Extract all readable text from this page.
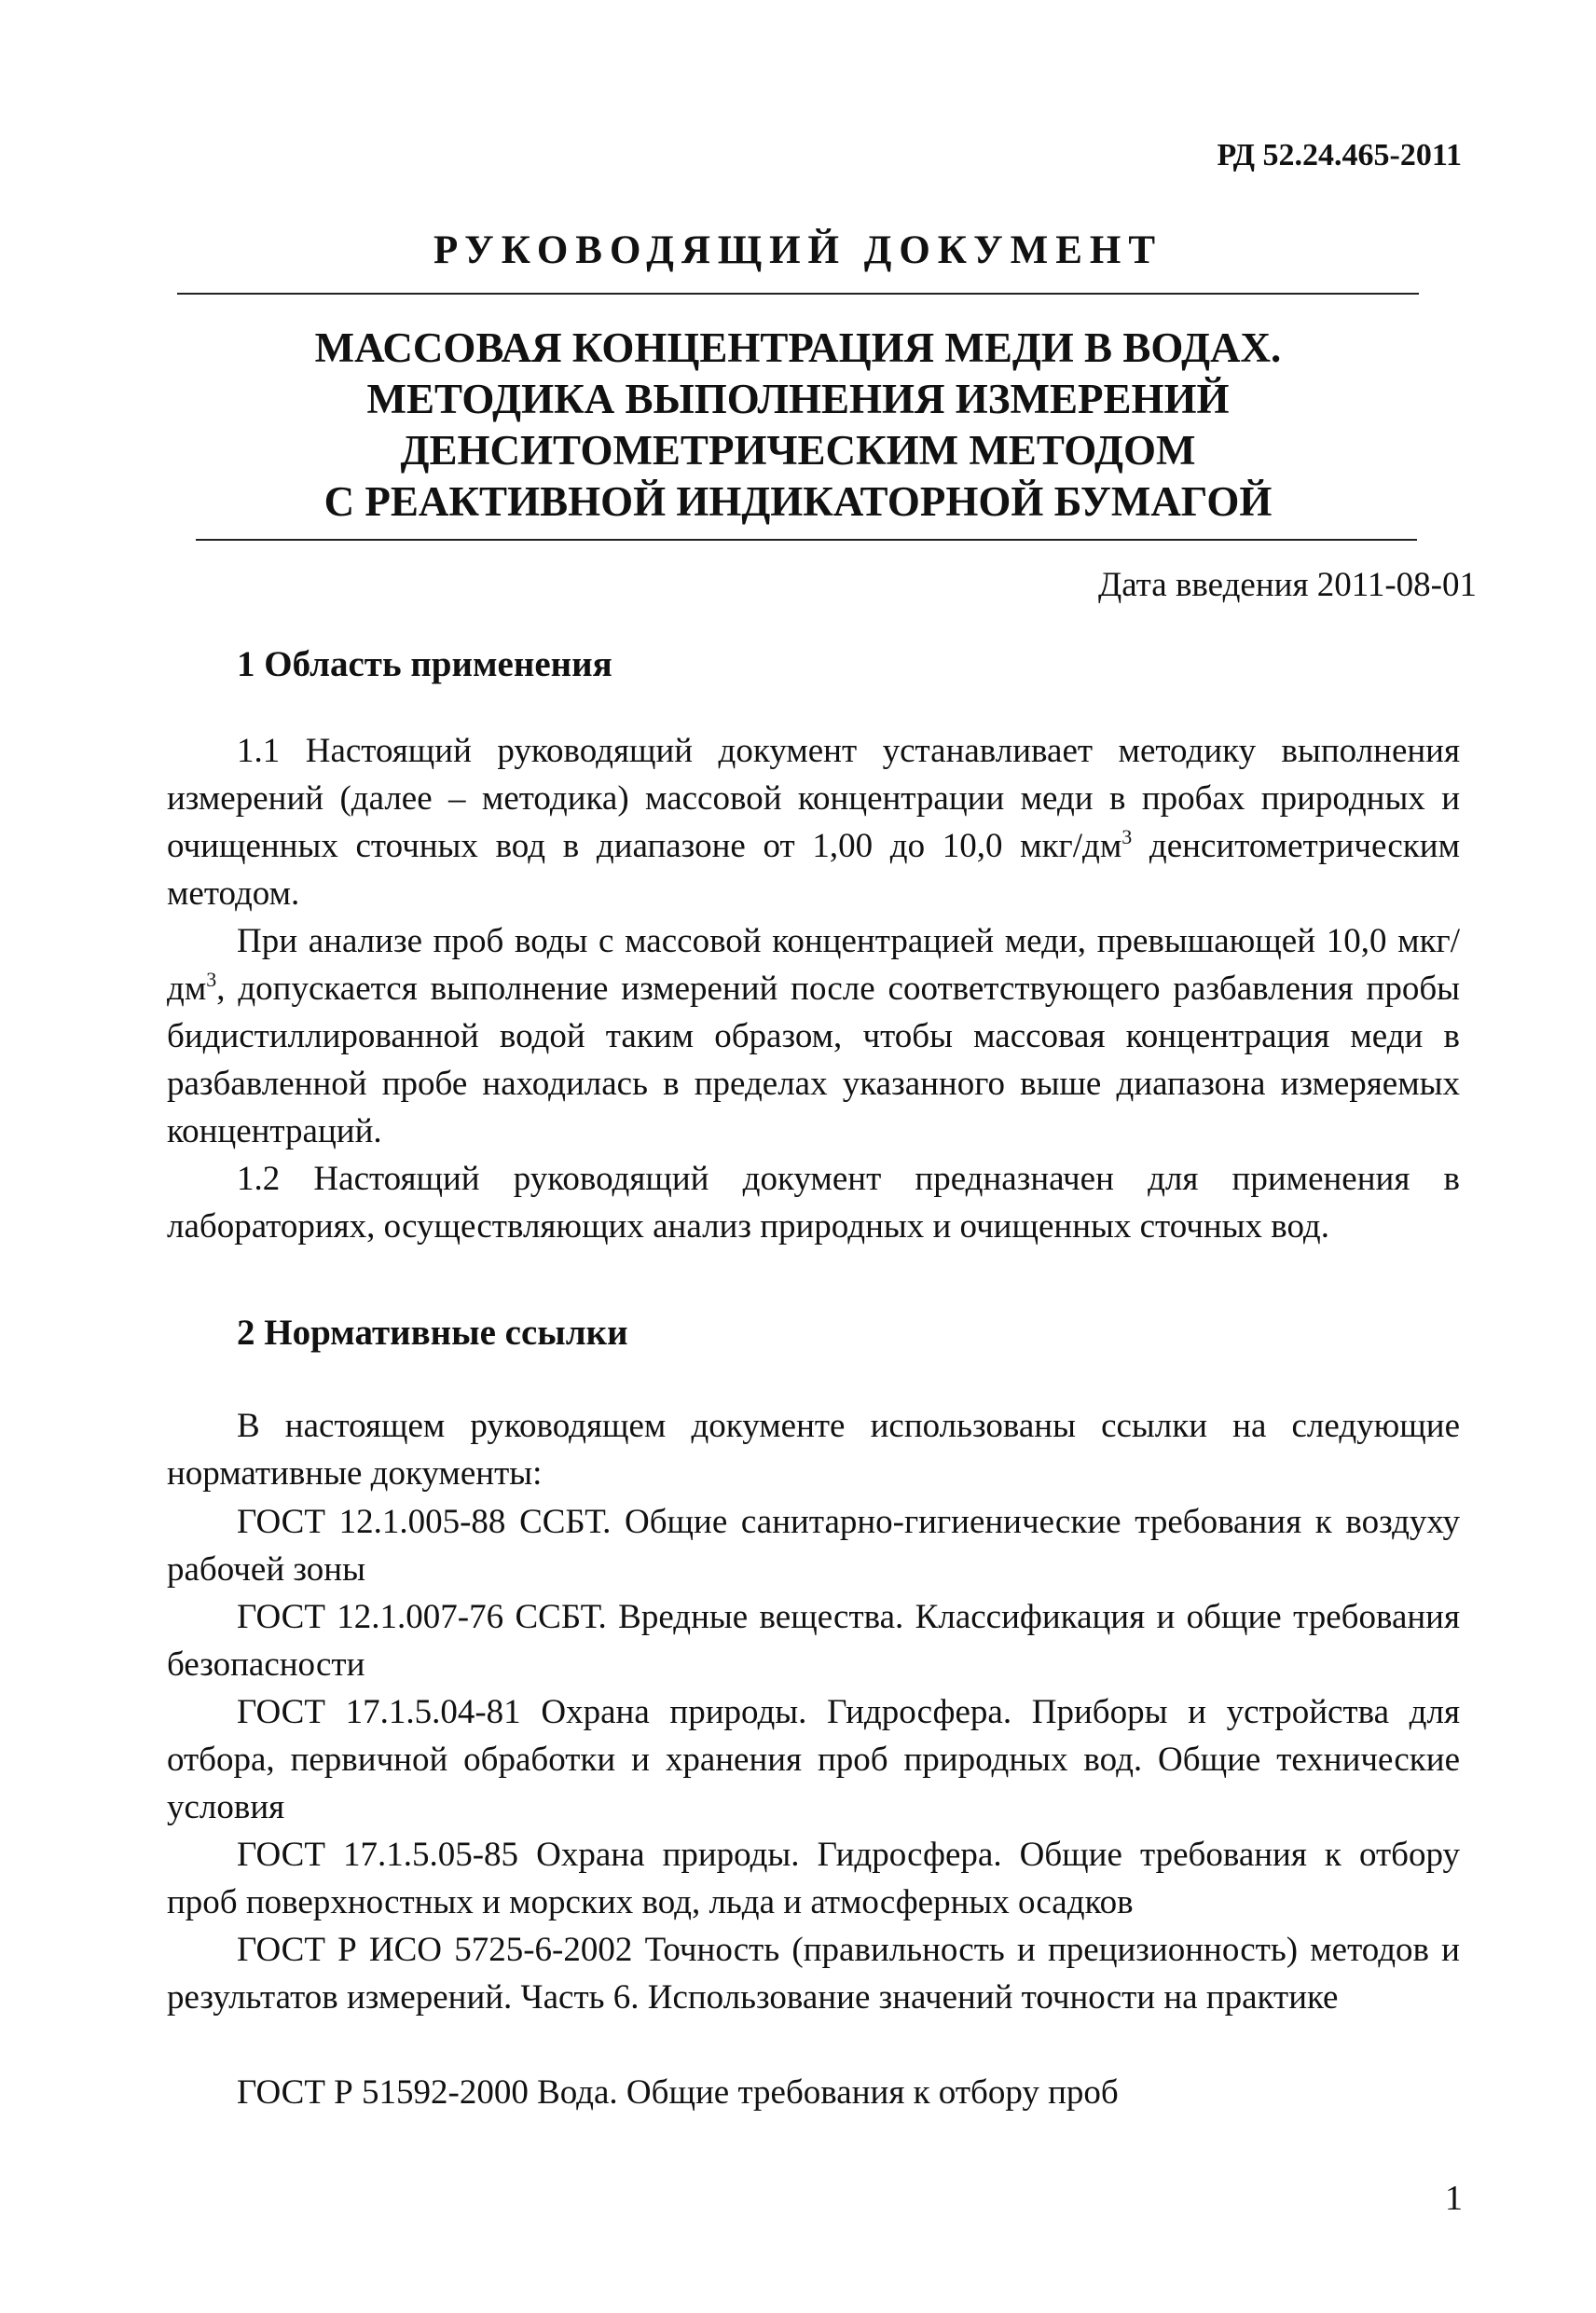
РД 52.24.465-2011
РУКОВОДЯЩИЙ ДОКУМЕНТ
МАССОВАЯ КОНЦЕНТРАЦИЯ МЕДИ В ВОДАХ.
МЕТОДИКА ВЫПОЛНЕНИЯ ИЗМЕРЕНИЙ
ДЕНСИТОМЕТРИЧЕСКИМ МЕТОДОМ
С РЕАКТИВНОЙ ИНДИКАТОРНОЙ БУМАГОЙ
Дата введения 2011-08-01
1 Область применения
1.1 Настоящий руководящий документ устанавливает методику выполнения измерений (далее – методика) массовой концентрации меди в пробах природных и очищенных сточных вод в диапазоне от 1,00 до 10,0 мкг/$дм^3$ денситометрическим методом.
При анализе проб воды с массовой концентрацией меди, превышающей 10,0 мкг/$дм^3$, допускается выполнение измерений после соответствующего разбавления пробы бидистиллированной водой таким образом, чтобы массовая концентрация меди в разбавленной пробе находилась в пределах указанного выше диапазона измеряемых концентраций.
1.2 Настоящий руководящий документ предназначен для применения в лабораториях, осуществляющих анализ природных и очищенных сточных вод.
2 Нормативные ссылки
В настоящем руководящем документе использованы ссылки на следующие нормативные документы:
ГОСТ 12.1.005-88 ССБТ. Общие санитарно-гигиенические требования к воздуху рабочей зоны
ГОСТ 12.1.007-76 ССБТ. Вредные вещества. Классификация и общие требования безопасности
ГОСТ 17.1.5.04-81 Охрана природы. Гидросфера. Приборы и устройства для отбора, первичной обработки и хранения проб природных вод. Общие технические условия
ГОСТ 17.1.5.05-85 Охрана природы. Гидросфера. Общие требования к отбору проб поверхностных и морских вод, льда и атмосферных осадков
ГОСТ Р ИСО 5725-6-2002 Точность (правильность и прецизионность) методов и результатов измерений. Часть 6. Использование значений точности на практике
ГОСТ Р 51592-2000 Вода. Общие требования к отбору проб
1
